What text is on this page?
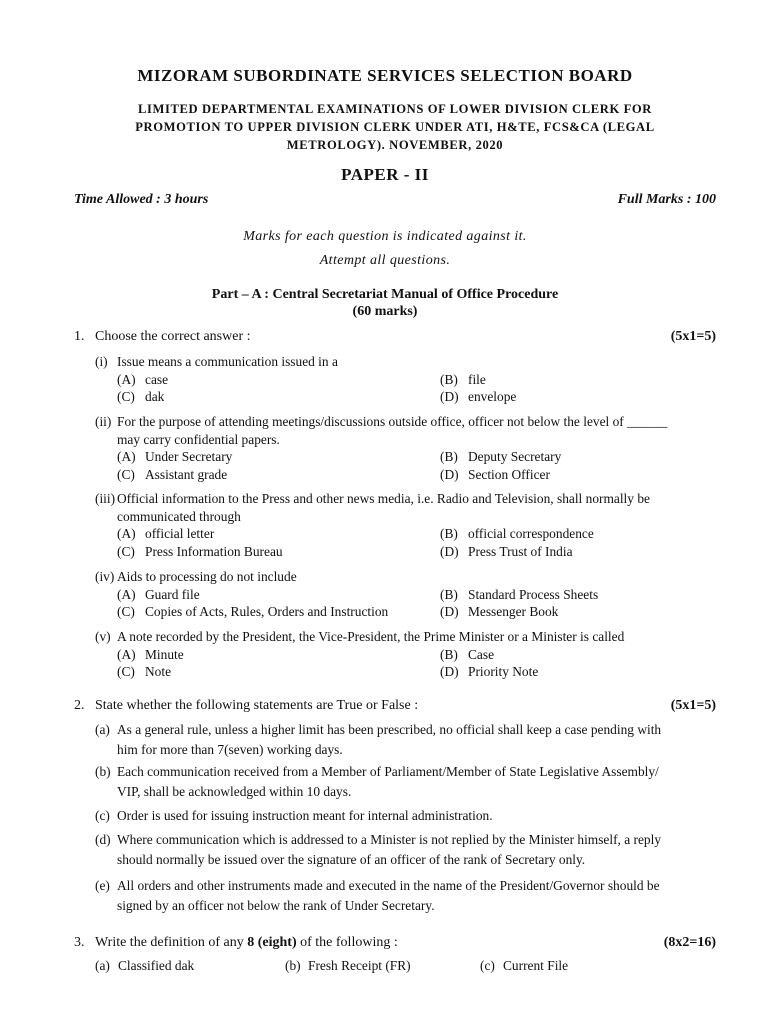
MIZORAM SUBORDINATE SERVICES SELECTION BOARD
LIMITED DEPARTMENTAL EXAMINATIONS OF LOWER DIVISION CLERK FOR
PROMOTION TO UPPER DIVISION CLERK UNDER ATI, H&TE, FCS&CA (LEGAL
METROLOGY). NOVEMBER, 2020
PAPER - II
Time Allowed : 3 hours	Full Marks : 100
Marks for each question is indicated against it.
Attempt all questions.
Part – A : Central Secretariat Manual of Office Procedure
(60 marks)
1. Choose the correct answer :	(5x1=5)
(i) Issue means a communication issued in a
(A) case	(B) file
(C) dak	(D) envelope
(ii) For the purpose of attending meetings/discussions outside office, officer not below the level of ______
may carry confidential papers.
(A) Under Secretary	(B) Deputy Secretary
(C) Assistant grade	(D) Section Officer
(iii) Official information to the Press and other news media, i.e. Radio and Television, shall normally be
communicated through
(A) official letter	(B) official correspondence
(C) Press Information Bureau	(D) Press Trust of India
(iv) Aids to processing do not include
(A) Guard file	(B) Standard Process Sheets
(C) Copies of Acts, Rules, Orders and Instruction	(D) Messenger Book
(v) A note recorded by the President, the Vice-President, the Prime Minister or a Minister is called
(A) Minute	(B) Case
(C) Note	(D) Priority Note
2. State whether the following statements are True or False :	(5x1=5)
(a) As a general rule, unless a higher limit has been prescribed, no official shall keep a case pending with
him for more than 7(seven) working days.
(b) Each communication received from a Member of Parliament/Member of State Legislative Assembly/
VIP, shall be acknowledged within 10 days.
(c) Order is used for issuing instruction meant for internal administration.
(d) Where communication which is addressed to a Minister is not replied by the Minister himself, a reply
should normally be issued over the signature of an officer of the rank of Secretary only.
(e) All orders and other instruments made and executed in the name of the President/Governor should be
signed by an officer not below the rank of Under Secretary.
3. Write the definition of any 8 (eight) of the following :	(8x2=16)
(a) Classified dak	(b) Fresh Receipt (FR)	(c) Current File
